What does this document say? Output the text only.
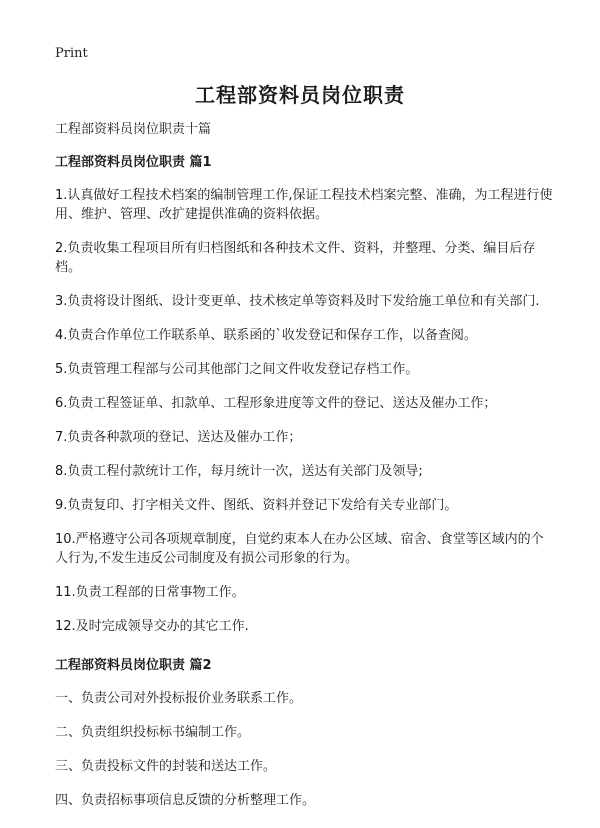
Print
工程部资料员岗位职责

工程部资料员岗位职责十篇

工程部资料员岗位职责 篇1

1.认真做好工程技术档案的编制管理工作,保证工程技术档案完整、准确，为工程进行使用、维护、管理、改扩建提供准确的资料依据。

2.负责收集工程项目所有归档图纸和各种技术文件、资料，并整理、分类、编目后存档。

3.负责将设计图纸、设计变更单、技术核定单等资料及时下发给施工单位和有关部门.

4.负责合作单位工作联系单、联系函的`收发登记和保存工作，以备查阅。

5.负责管理工程部与公司其他部门之间文件收发登记存档工作。

6.负责工程签证单、扣款单、工程形象进度等文件的登记、送达及催办工作；

7.负责各种款项的登记、送达及催办工作；

8.负责工程付款统计工作，每月统计一次，送达有关部门及领导;

9.负责复印、打字相关文件、图纸、资料并登记下发给有关专业部门。

10.严格遵守公司各项规章制度，自觉约束本人在办公区域、宿舍、食堂等区域内的个人行为,不发生违反公司制度及有损公司形象的行为。

11.负责工程部的日常事物工作。

12.及时完成领导交办的其它工作.

工程部资料员岗位职责 篇2

一、负责公司对外投标报价业务联系工作。

二、负责组织投标标书编制工作。

三、负责投标文件的封装和送达工作。

四、负责招标事项信息反馈的分析整理工作。
